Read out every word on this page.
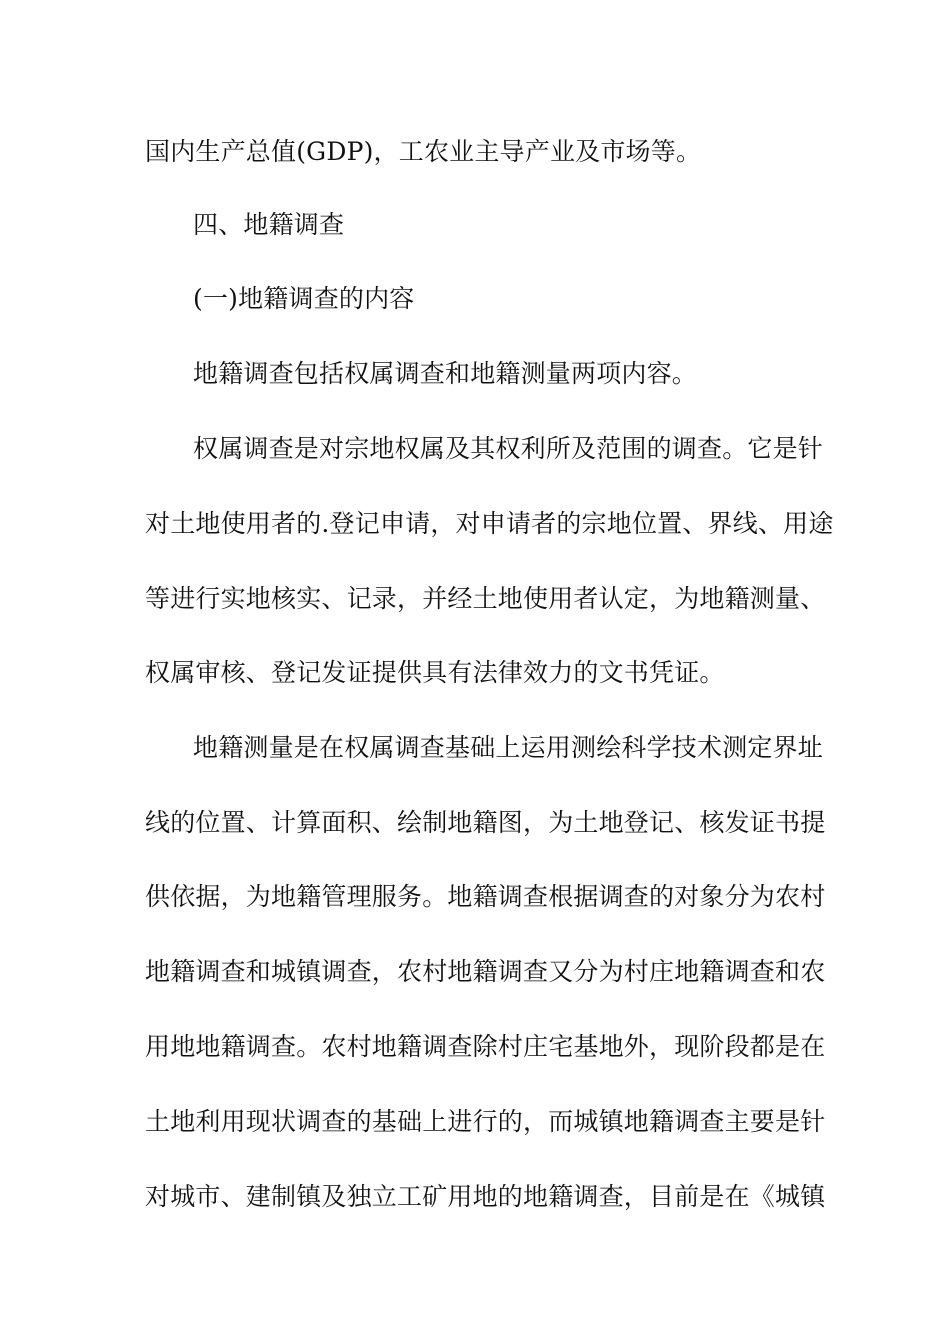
国内生产总值(GDP)，工农业主导产业及市场等。
四、地籍调查
(一)地籍调查的内容
地籍调查包括权属调查和地籍测量两项内容。
权属调查是对宗地权属及其权利所及范围的调查。它是针
对土地使用者的.登记申请，对申请者的宗地位置、界线、用途
等进行实地核实、记录，并经土地使用者认定，为地籍测量、
权属审核、登记发证提供具有法律效力的文书凭证。
地籍测量是在权属调查基础上运用测绘科学技术测定界址
线的位置、计算面积、绘制地籍图，为土地登记、核发证书提
供依据，为地籍管理服务。地籍调查根据调查的对象分为农村
地籍调查和城镇调查，农村地籍调查又分为村庄地籍调查和农
用地地籍调查。农村地籍调查除村庄宅基地外，现阶段都是在
土地利用现状调查的基础上进行的，而城镇地籍调查主要是针
对城市、建制镇及独立工矿用地的地籍调查，目前是在《城镇
